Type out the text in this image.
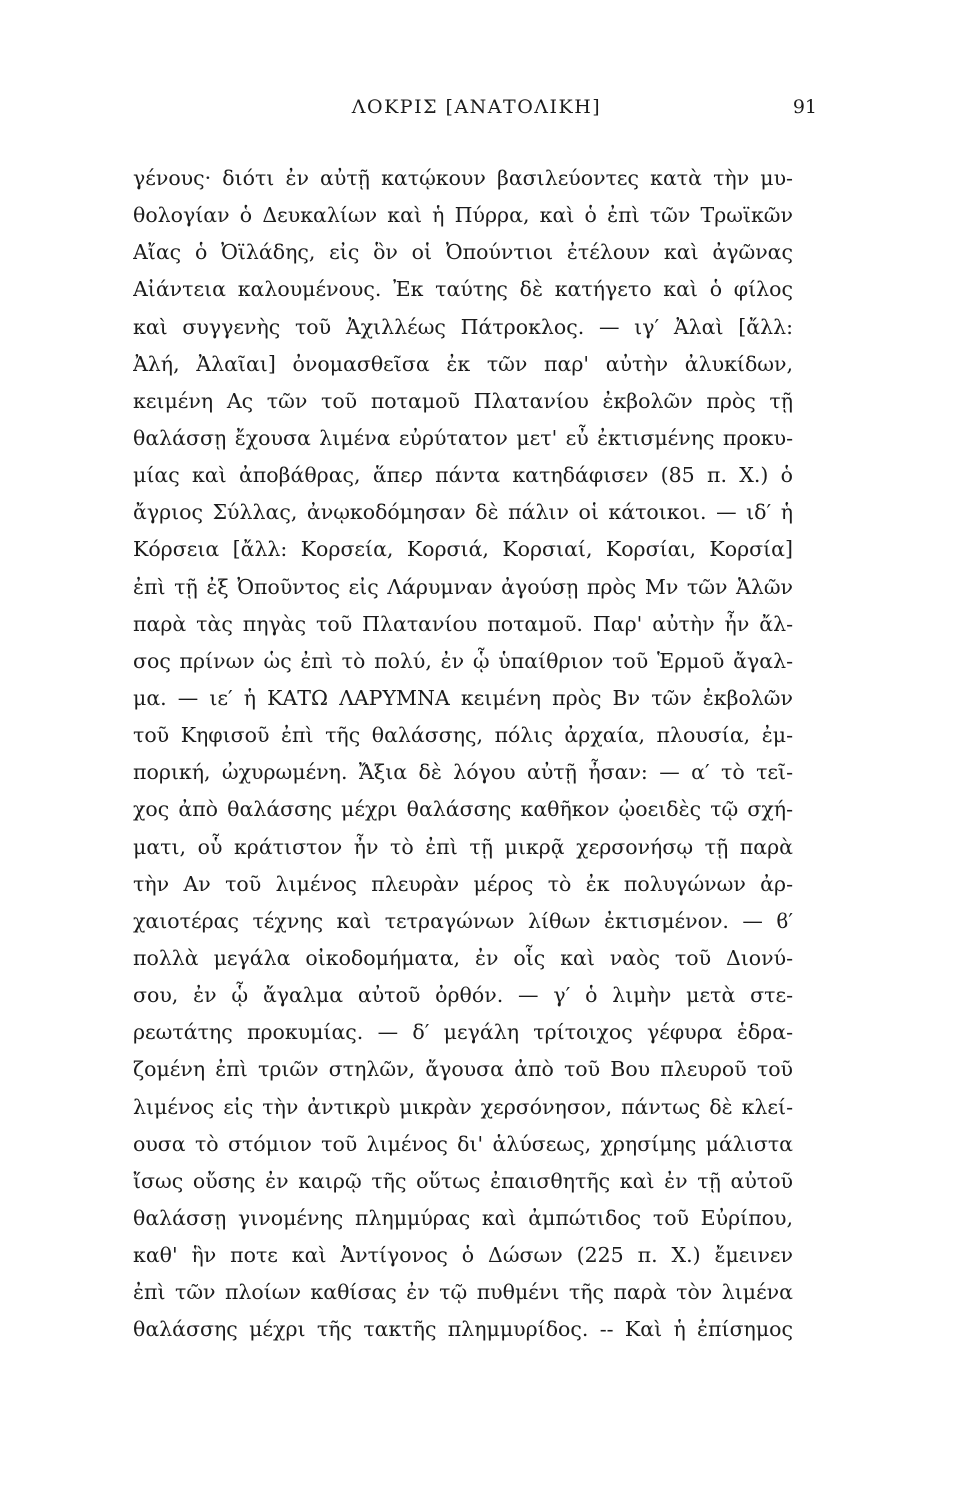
ΛΟΚΡΙΣ [ΑΝΑΤΟΛΙΚΗ]	91
γένους· διότι ἐν αὐτῇ κατῴκουν βασιλεύοντες κατὰ τὴν μυ-
θολογίαν ὁ Δευκαλίων καὶ ἡ Πύρρα, καὶ ὁ ἐπὶ τῶν Τρωϊκῶν
Αἴας ὁ Ὀϊλάδης, εἰς ὃν οἱ Ὀπούντιοι ἐτέλουν καὶ ἀγῶνας
Αἰάντεια καλουμένους. Ἐκ ταύτης δὲ κατήγετο καὶ ὁ φίλος
καὶ συγγενὴς τοῦ Ἀχιλλέως Πάτροκλος. — ιγ′ Ἀλαὶ [ἄλλ:
Ἀλή, Ἀλαῖαι] ὀνομασθεῖσα ἐκ τῶν παρ' αὐτὴν ἀλυκίδων,
κειμένη Aς τῶν τοῦ ποταμοῦ Πλατανίου ἐκβολῶν πρὸς τῇ
θαλάσσῃ ἔχουσα λιμένα εὐρύτατον μετ' εὖ ἐκτισμένης προκυ-
μίας καὶ ἀποβάθρας, ἅπερ πάντα κατηδάφισεν (85 π. Χ.) ὁ
ἄγριος Σύλλας, ἀνῳκοδόμησαν δὲ πάλιν οἱ κάτοικοι. — ιδ′ ἡ
Κόρσεια [ἄλλ: Κορσεία, Κορσιά, Κορσιαί, Κορσίαι, Κορσία]
ἐπὶ τῇ ἐξ Ὀποῦντος εἰς Λάρυμναν ἀγούσῃ πρὸς Mν τῶν Ἁλῶν
παρὰ τὰς πηγὰς τοῦ Πλατανίου ποταμοῦ. Παρ' αὐτὴν ἦν ἄλ-
σος πρίνων ὡς ἐπὶ τὸ πολύ, ἐν ᾧ ὑπαίθριον τοῦ Ἑρμοῦ ἄγαλ-
μα. — ιε′ ἡ ΚΑΤΩ ΛΑΡΥΜΝΑ κειμένη πρὸς Bν τῶν ἐκβολῶν
τοῦ Κηφισοῦ ἐπὶ τῆς θαλάσσης, πόλις ἀρχαία, πλουσία, ἐμ-
πορική, ὠχυρωμένη. Ἄξια δὲ λόγου αὐτῇ ἦσαν: — α′ τὸ τεῖ-
χος ἀπὸ θαλάσσης μέχρι θαλάσσης καθῆκον ᾠοειδὲς τῷ σχή-
ματι, οὗ κράτιστον ἦν τὸ ἐπὶ τῇ μικρᾷ χερσονήσῳ τῇ παρὰ
τὴν Aν τοῦ λιμένος πλευρὰν μέρος τὸ ἐκ πολυγώνων ἀρ-
χαιοτέρας τέχνης καὶ τετραγώνων λίθων ἐκτισμένον. — ϐ′
πολλὰ μεγάλα οἰκοδομήματα, ἐν οἷς καὶ ναὸς τοῦ Διονύ-
σου, ἐν ᾧ ἄγαλμα αὐτοῦ ὀρθόν. — γ′ ὁ λιμὴν μετὰ στε-
ρεωτάτης προκυμίας. — δ′ μεγάλη τρίτοιχος γέφυρα ἑδρα-
ζομένη ἐπὶ τριῶν στηλῶν, ἄγουσα ἀπὸ τοῦ Bου πλευροῦ τοῦ
λιμένος εἰς τὴν ἀντικρὺ μικρὰν χερσόνησον, πάντως δὲ κλεί-
ουσα τὸ στόμιον τοῦ λιμένος δι' ἁλύσεως, χρησίμης μάλιστα
ἴσως οὔσης ἐν καιρῷ τῆς οὕτως ἐπαισθητῆς καὶ ἐν τῇ αὐτοῦ
θαλάσσῃ γινομένης πλημμύρας καὶ ἀμπώτιδος τοῦ Εὐρίπου,
καθ' ἣν ποτε καὶ Ἀντίγονος ὁ Δώσων (225 π. Χ.) ἔμεινεν
ἐπὶ τῶν πλοίων καθίσας ἐν τῷ πυθμένι τῆς παρὰ τὸν λιμένα
θαλάσσης μέχρι τῆς τακτῆς πλημμυρίδος. -- Καὶ ἡ ἐπίσημος
